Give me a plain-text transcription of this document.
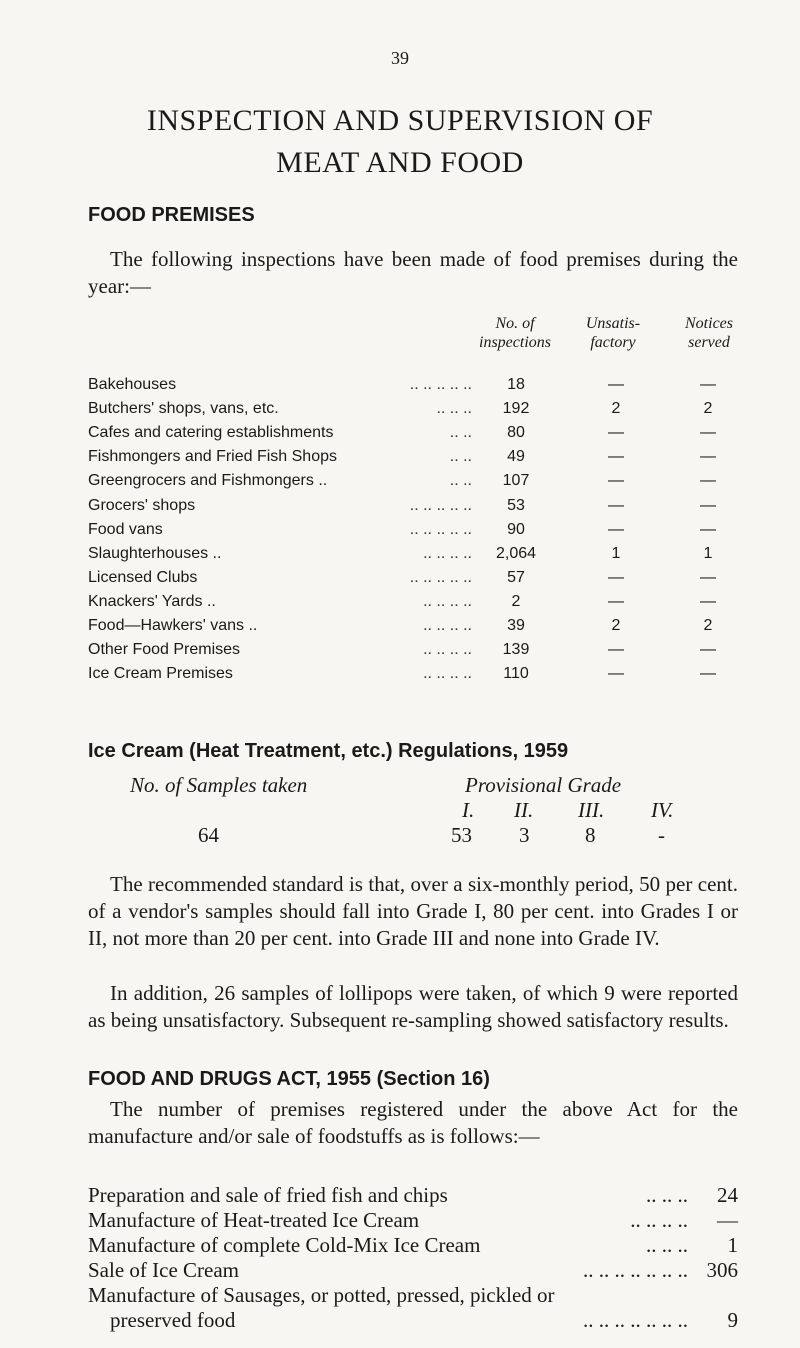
39
INSPECTION AND SUPERVISION OF
MEAT AND FOOD
FOOD PREMISES
The following inspections have been made of food premises during the year:—
No. of
inspections
Unsatis-
factory
Notices
served
Bakehouses	.. .. .. .. ..	18	—	—
Butchers' shops, vans, etc.	.. .. ..	192	2	2
Cafes and catering establishments	.. ..	80	—	—
Fishmongers and Fried Fish Shops	.. ..	49	—	—
Greengrocers and Fishmongers ..	.. ..	107	—	—
Grocers' shops	.. .. .. .. ..	53	—	—
Food vans	.. .. .. .. ..	90	—	—
Slaughterhouses ..	.. .. .. ..	2,064	1	1
Licensed Clubs	.. .. .. .. ..	57	—	—
Knackers' Yards ..	.. .. .. ..	2	—	—
Food—Hawkers' vans ..	.. .. .. ..	39	2	2
Other Food Premises	.. .. .. ..	139	—	—
Ice Cream Premises	.. .. .. ..	110	—	—
Ice Cream (Heat Treatment, etc.) Regulations, 1959
No. of Samples taken	Provisional Grade
I. II. III. IV.
64	53 3	8	-
The recommended standard is that, over a six-monthly period, 50 per cent. of a vendor's samples should fall into Grade I, 80 per cent. into Grades I or II, not more than 20 per cent. into Grade III and none into Grade IV.
In addition, 26 samples of lollipops were taken, of which 9 were reported as being unsatisfactory. Subsequent re-sampling showed satisfactory results.
FOOD AND DRUGS ACT, 1955 (Section 16)
The number of premises registered under the above Act for the manufacture and/or sale of foodstuffs as is follows:—
Preparation and sale of fried fish and chips	.. .. .. 24
Manufacture of Heat-treated Ice Cream	.. .. .. .. —
Manufacture of complete Cold-Mix Ice Cream	.. .. .. 1
Sale of Ice Cream	.. .. .. .. .. .. .. 306
Manufacture of Sausages, or potted, pressed, pickled or
preserved food	.. .. .. .. .. .. .. 9
